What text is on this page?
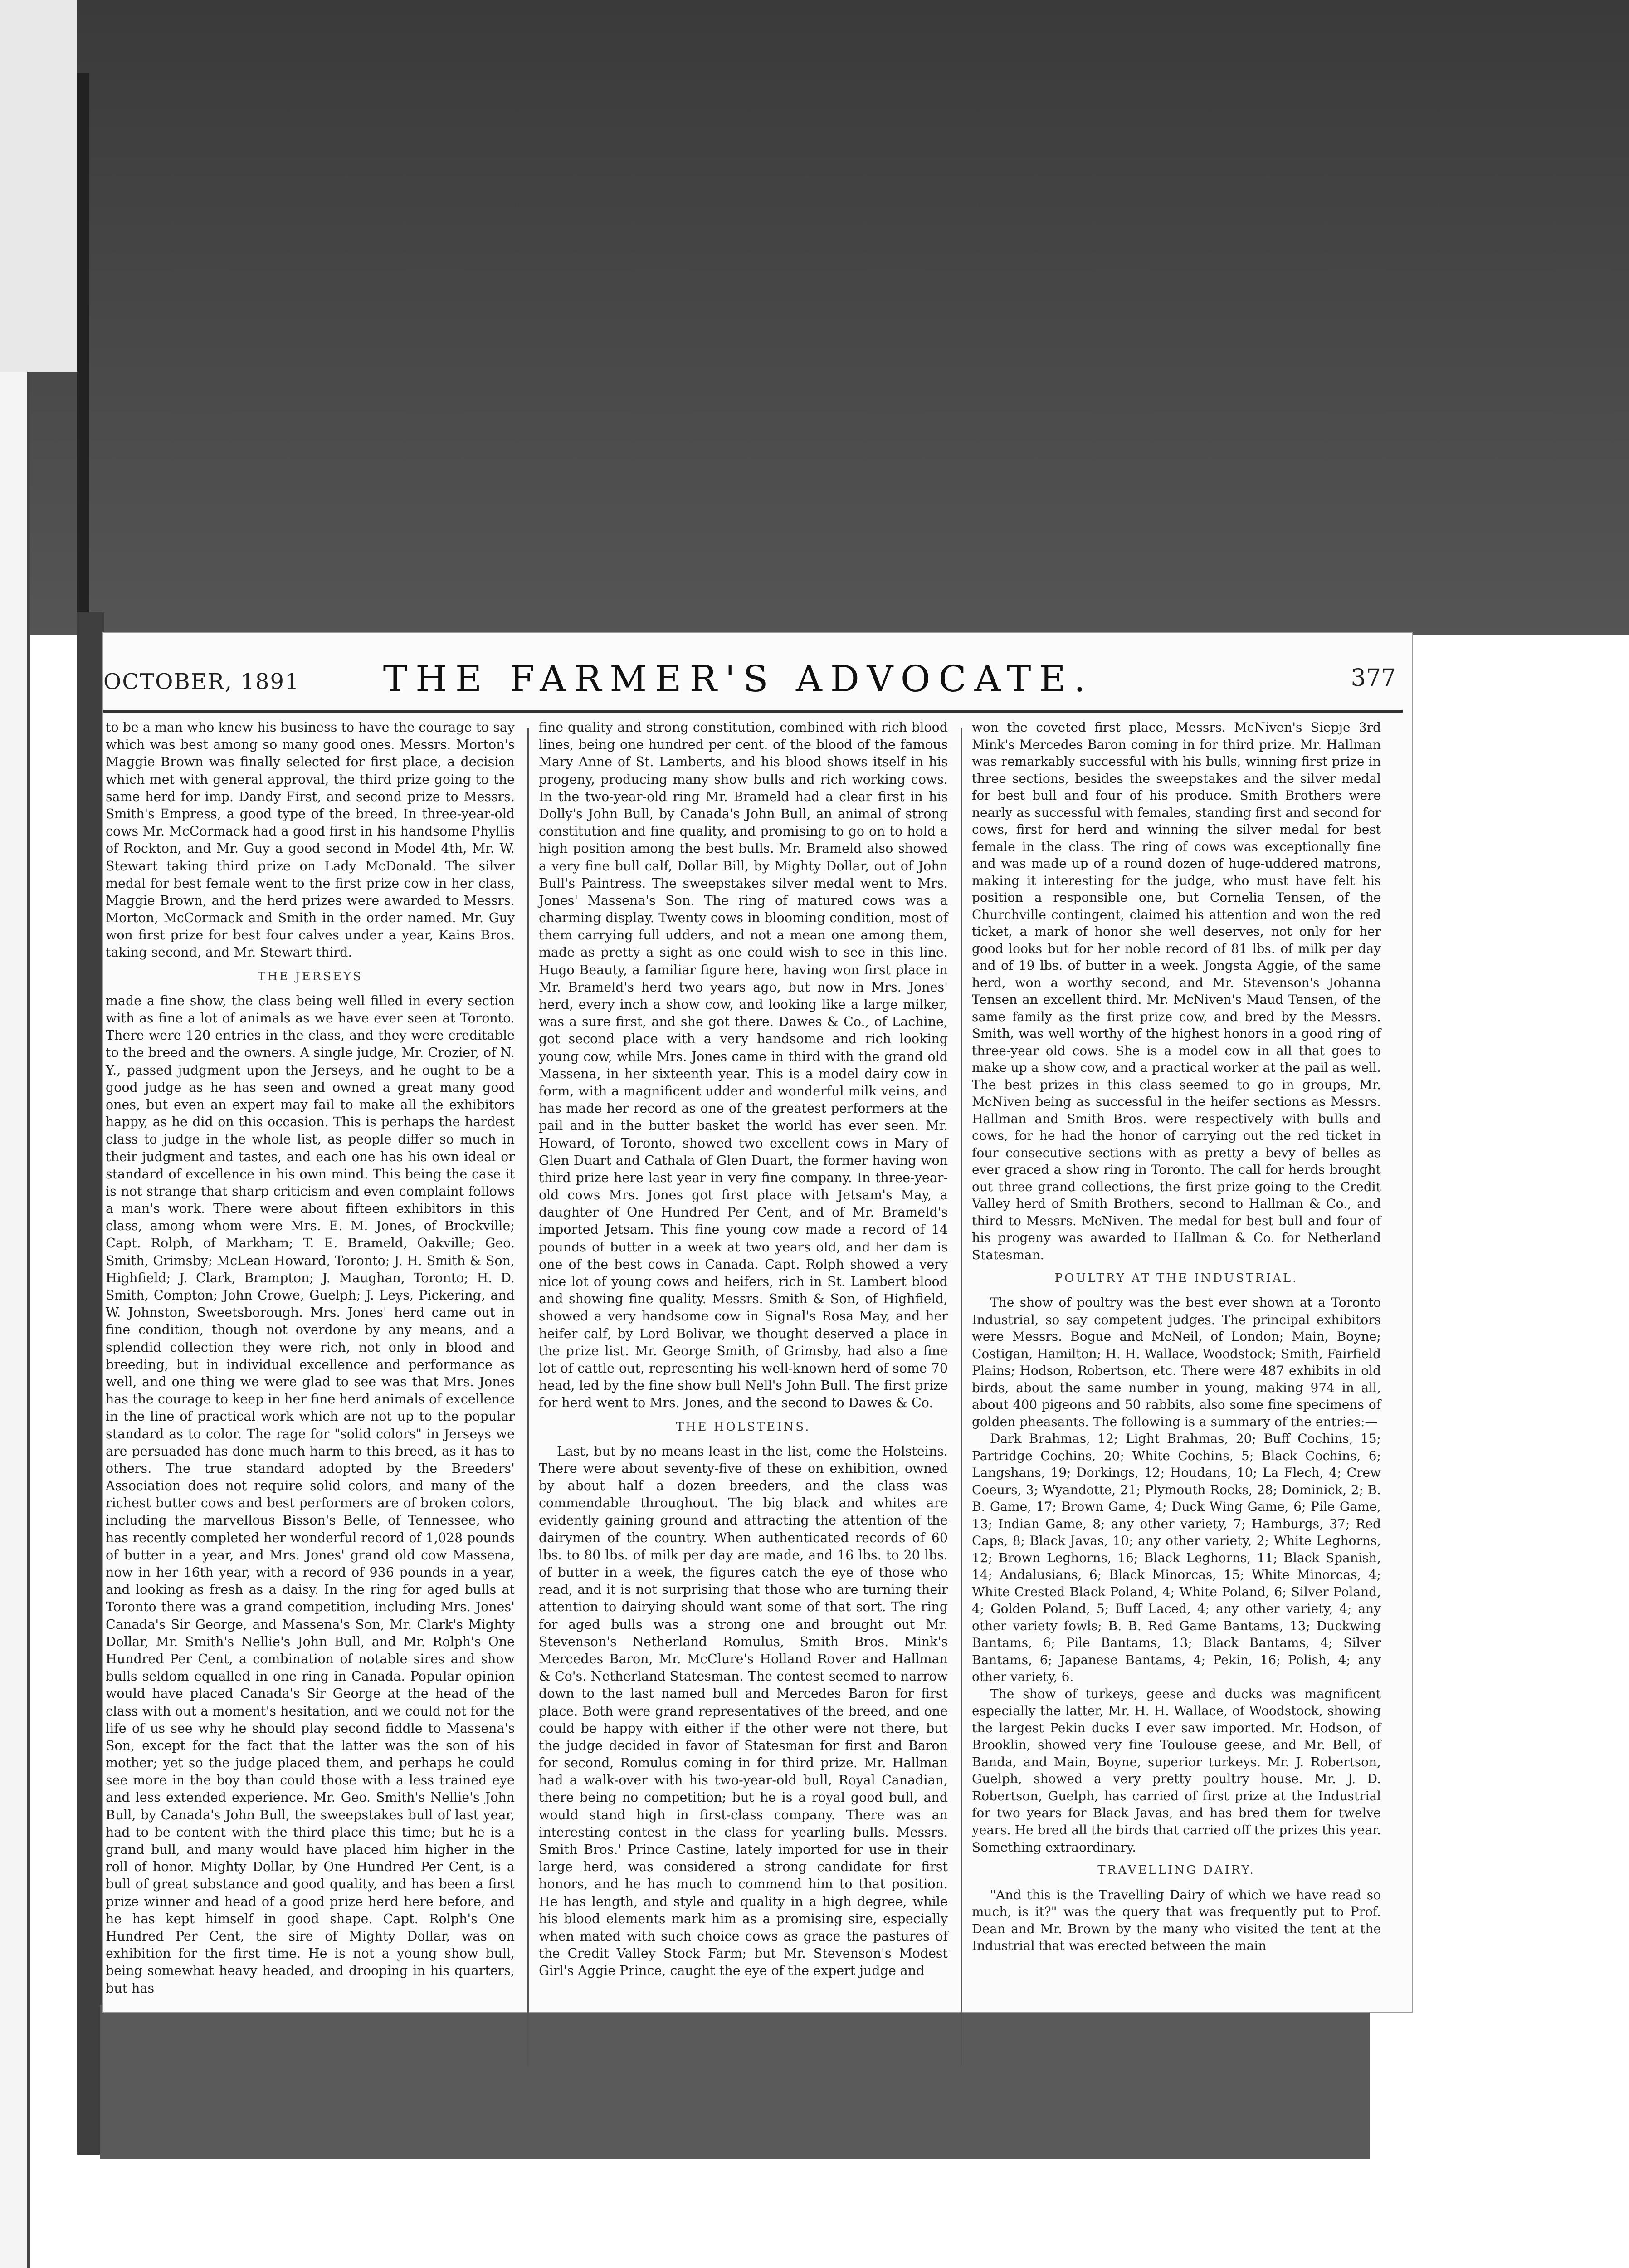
OCTOBER, 1891	THE FARMER'S ADVOCATE.	377

to be a man who knew his business to have the courage to say which was best among so many good ones. Messrs. Morton's Maggie Brown was finally selected for first place, a decision which met with general approval, the third prize going to the same herd for imp. Dandy First, and second prize to Messrs. Smith's Empress, a good type of the breed. In three-year-old cows Mr. McCormack had a good first in his handsome Phyllis of Rockton, and Mr. Guy a good second in Model 4th, Mr. W. Stewart taking third prize on Lady McDonald. The silver medal for best female went to the first prize cow in her class, Maggie Brown, and the herd prizes were awarded to Messrs. Morton, McCormack and Smith in the order named. Mr. Guy won first prize for best four calves under a year, Kains Bros. taking second, and Mr. Stewart third.

THE JERSEYS

made a fine show, the class being well filled in every section with as fine a lot of animals as we have ever seen at Toronto. There were 120 entries in the class, and they were creditable to the breed and the owners. A single judge, Mr. Crozier, of N. Y., passed judgment upon the Jerseys, and he ought to be a good judge as he has seen and owned a great many good ones, but even an expert may fail to make all the exhibitors happy, as he did on this occasion. This is perhaps the hardest class to judge in the whole list, as people differ so much in their judgment and tastes, and each one has his own ideal or standard of excellence in his own mind. This being the case it is not strange that sharp criticism and even complaint follows a man's work. There were about fifteen exhibitors in this class, among whom were Mrs. E. M. Jones, of Brockville; Capt. Rolph, of Markham; T. E. Brameld, Oakville; Geo. Smith, Grimsby; McLean Howard, Toronto; J. H. Smith & Son, Highfield; J. Clark, Brampton; J. Maughan, Toronto; H. D. Smith, Compton; John Crowe, Guelph; J. Leys, Pickering, and W. Johnston, Sweetsborough. Mrs. Jones' herd came out in fine condition, though not overdone by any means, and a splendid collection they were rich, not only in blood and breeding, but in individual excellence and performance as well, and one thing we were glad to see was that Mrs. Jones has the courage to keep in her fine herd animals of excellence in the line of practical work which are not up to the popular standard as to color. The rage for "solid colors" in Jerseys we are persuaded has done much harm to this breed, as it has to others. The true standard adopted by the Breeders' Association does not require solid colors, and many of the richest butter cows and best performers are of broken colors, including the marvellous Bisson's Belle, of Tennessee, who has recently completed her wonderful record of 1,028 pounds of butter in a year, and Mrs. Jones' grand old cow Massena, now in her 16th year, with a record of 936 pounds in a year, and looking as fresh as a daisy. In the ring for aged bulls at Toronto there was a grand competition, including Mrs. Jones' Canada's Sir George, and Massena's Son, Mr. Clark's Mighty Dollar, Mr. Smith's Nellie's John Bull, and Mr. Rolph's One Hundred Per Cent, a combination of notable sires and show bulls seldom equalled in one ring in Canada. Popular opinion would have placed Canada's Sir George at the head of the class with out a moment's hesitation, and we could not for the life of us see why he should play second fiddle to Massena's Son, except for the fact that the latter was the son of his mother; yet so the judge placed them, and perhaps he could see more in the boy than could those with a less trained eye and less extended experience. Mr. Geo. Smith's Nellie's John Bull, by Canada's John Bull, the sweepstakes bull of last year, had to be content with the third place this time; but he is a grand bull, and many would have placed him higher in the roll of honor. Mighty Dollar, by One Hundred Per Cent, is a bull of great substance and good quality, and has been a first prize winner and head of a good prize herd here before, and he has kept himself in good shape. Capt. Rolph's One Hundred Per Cent, the sire of Mighty Dollar, was on exhibition for the first time. He is not a young show bull, being somewhat heavy headed, and drooping in his quarters, but has

fine quality and strong constitution, combined with rich blood lines, being one hundred per cent. of the blood of the famous Mary Anne of St. Lamberts, and his blood shows itself in his progeny, producing many show bulls and rich working cows. In the two-year-old ring Mr. Brameld had a clear first in his Dolly's John Bull, by Canada's John Bull, an animal of strong constitution and fine quality, and promising to go on to hold a high position among the best bulls. Mr. Brameld also showed a very fine bull calf, Dollar Bill, by Mighty Dollar, out of John Bull's Paintress. The sweepstakes silver medal went to Mrs. Jones' Massena's Son. The ring of matured cows was a charming display. Twenty cows in blooming condition, most of them carrying full udders, and not a mean one among them, made as pretty a sight as one could wish to see in this line. Hugo Beauty, a familiar figure here, having won first place in Mr. Brameld's herd two years ago, but now in Mrs. Jones' herd, every inch a show cow, and looking like a large milker, was a sure first, and she got there. Dawes & Co., of Lachine, got second place with a very handsome and rich looking young cow, while Mrs. Jones came in third with the grand old Massena, in her sixteenth year. This is a model dairy cow in form, with a magnificent udder and wonderful milk veins, and has made her record as one of the greatest performers at the pail and in the butter basket the world has ever seen. Mr. Howard, of Toronto, showed two excellent cows in Mary of Glen Duart and Cathala of Glen Duart, the former having won third prize here last year in very fine company. In three-year-old cows Mrs. Jones got first place with Jetsam's May, a daughter of One Hundred Per Cent, and of Mr. Brameld's imported Jetsam. This fine young cow made a record of 14 pounds of butter in a week at two years old, and her dam is one of the best cows in Canada. Capt. Rolph showed a very nice lot of young cows and heifers, rich in St. Lambert blood and showing fine quality. Messrs. Smith & Son, of Highfield, showed a very handsome cow in Signal's Rosa May, and her heifer calf, by Lord Bolivar, we thought deserved a place in the prize list. Mr. George Smith, of Grimsby, had also a fine lot of cattle out, representing his well-known herd of some 70 head, led by the fine show bull Nell's John Bull. The first prize for herd went to Mrs. Jones, and the second to Dawes & Co.

THE HOLSTEINS.

Last, but by no means least in the list, come the Holsteins. There were about seventy-five of these on exhibition, owned by about half a dozen breeders, and the class was commendable throughout. The big black and whites are evidently gaining ground and attracting the attention of the dairymen of the country. When authenticated records of 60 lbs. to 80 lbs. of milk per day are made, and 16 lbs. to 20 lbs. of butter in a week, the figures catch the eye of those who read, and it is not surprising that those who are turning their attention to dairying should want some of that sort. The ring for aged bulls was a strong one and brought out Mr. Stevenson's Netherland Romulus, Smith Bros. Mink's Mercedes Baron, Mr. McClure's Holland Rover and Hallman & Co's. Netherland Statesman. The contest seemed to narrow down to the last named bull and Mercedes Baron for first place. Both were grand representatives of the breed, and one could be happy with either if the other were not there, but the judge decided in favor of Statesman for first and Baron for second, Romulus coming in for third prize. Mr. Hallman had a walk-over with his two-year-old bull, Royal Canadian, there being no competition; but he is a royal good bull, and would stand high in first-class company. There was an interesting contest in the class for yearling bulls. Messrs. Smith Bros.' Prince Castine, lately imported for use in their large herd, was considered a strong candidate for first honors, and he has much to commend him to that position. He has length, and style and quality in a high degree, while his blood elements mark him as a promising sire, especially when mated with such choice cows as grace the pastures of the Credit Valley Stock Farm; but Mr. Stevenson's Modest Girl's Aggie Prince, caught the eye of the expert judge and

won the coveted first place, Messrs. McNiven's Siepje 3rd Mink's Mercedes Baron coming in for third prize. Mr. Hallman was remarkably successful with his bulls, winning first prize in three sections, besides the sweepstakes and the silver medal for best bull and four of his produce. Smith Brothers were nearly as successful with females, standing first and second for cows, first for herd and winning the silver medal for best female in the class. The ring of cows was exceptionally fine and was made up of a round dozen of huge-uddered matrons, making it interesting for the judge, who must have felt his position a responsible one, but Cornelia Tensen, of the Churchville contingent, claimed his attention and won the red ticket, a mark of honor she well deserves, not only for her good looks but for her noble record of 81 lbs. of milk per day and of 19 lbs. of butter in a week. Jongsta Aggie, of the same herd, won a worthy second, and Mr. Stevenson's Johanna Tensen an excellent third. Mr. McNiven's Maud Tensen, of the same family as the first prize cow, and bred by the Messrs. Smith, was well worthy of the highest honors in a good ring of three-year old cows. She is a model cow in all that goes to make up a show cow, and a practical worker at the pail as well. The best prizes in this class seemed to go in groups, Mr. McNiven being as successful in the heifer sections as Messrs. Hallman and Smith Bros. were respectively with bulls and cows, for he had the honor of carrying out the red ticket in four consecutive sections with as pretty a bevy of belles as ever graced a show ring in Toronto. The call for herds brought out three grand collections, the first prize going to the Credit Valley herd of Smith Brothers, second to Hallman & Co., and third to Messrs. McNiven. The medal for best bull and four of his progeny was awarded to Hallman & Co. for Netherland Statesman.

POULTRY AT THE INDUSTRIAL.

The show of poultry was the best ever shown at a Toronto Industrial, so say competent judges. The principal exhibitors were Messrs. Bogue and McNeil, of London; Main, Boyne; Costigan, Hamilton; H. H. Wallace, Woodstock; Smith, Fairfield Plains; Hodson, Robertson, etc. There were 487 exhibits in old birds, about the same number in young, making 974 in all, about 400 pigeons and 50 rabbits, also some fine specimens of golden pheasants. The following is a summary of the entries:—

Dark Brahmas, 12; Light Brahmas, 20; Buff Cochins, 15; Partridge Cochins, 20; White Cochins, 5; Black Cochins, 6; Langshans, 19; Dorkings, 12; Houdans, 10; La Flech, 4; Crew Coeurs, 3; Wyandotte, 21; Plymouth Rocks, 28; Dominick, 2; B. B. Game, 17; Brown Game, 4; Duck Wing Game, 6; Pile Game, 13; Indian Game, 8; any other variety, 7; Hamburgs, 37; Red Caps, 8; Black Javas, 10; any other variety, 2; White Leghorns, 12; Brown Leghorns, 16; Black Leghorns, 11; Black Spanish, 14; Andalusians, 6; Black Minorcas, 15; White Minorcas, 4; White Crested Black Poland, 4; White Poland, 6; Silver Poland, 4; Golden Poland, 5; Buff Laced, 4; any other variety, 4; any other variety fowls; B. B. Red Game Bantams, 13; Duckwing Bantams, 6; Pile Bantams, 13; Black Bantams, 4; Silver Bantams, 6; Japanese Bantams, 4; Pekin, 16; Polish, 4; any other variety, 6.

The show of turkeys, geese and ducks was magnificent especially the latter, Mr. H. H. Wallace, of Woodstock, showing the largest Pekin ducks I ever saw imported. Mr. Hodson, of Brooklin, showed very fine Toulouse geese, and Mr. Bell, of Banda, and Main, Boyne, superior turkeys. Mr. J. Robertson, Guelph, showed a very pretty poultry house. Mr. J. D. Robertson, Guelph, has carried of first prize at the Industrial for two years for Black Javas, and has bred them for twelve years. He bred all the birds that carried off the prizes this year. Something extraordinary.

TRAVELLING DAIRY.

"And this is the Travelling Dairy of which we have read so much, is it?" was the query that was frequently put to Prof. Dean and Mr. Brown by the many who visited the tent at the Industrial that was erected between the main
